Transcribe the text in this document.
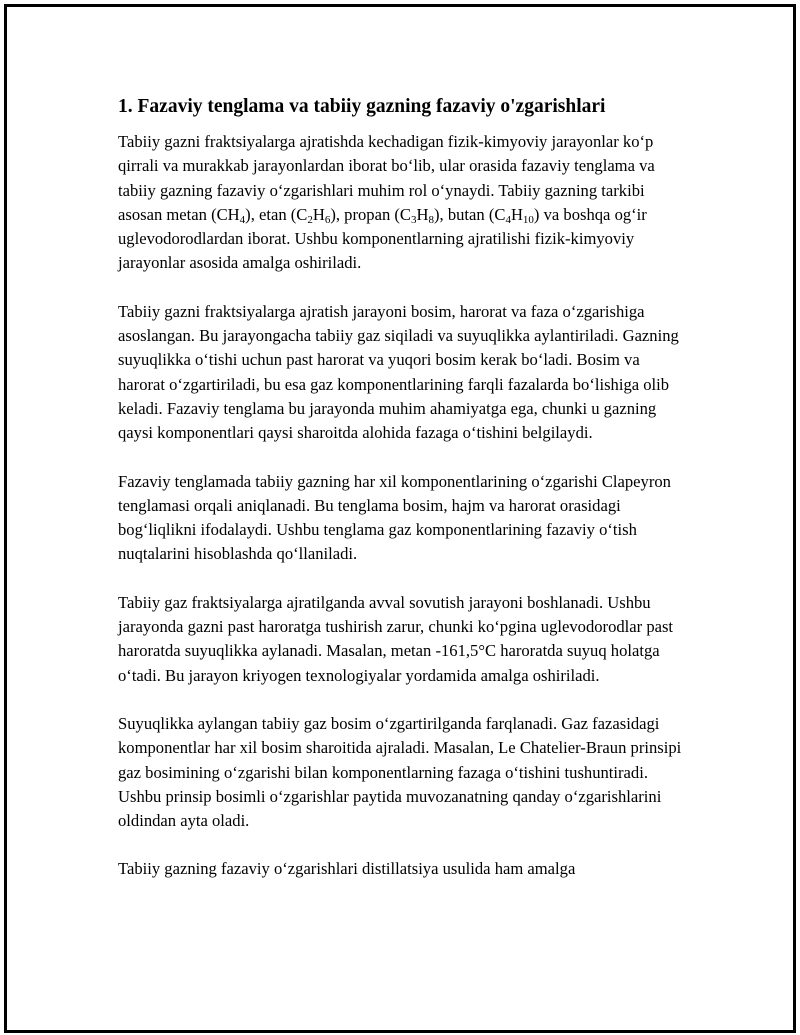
1. Fazaviy tenglama va tabiiy gazning fazaviy o'zgarishlari

Tabiiy gazni fraktsiyalarga ajratishda kechadigan fizik-kimyoviy jarayonlar ko‘p qirrali va murakkab jarayonlardan iborat bo‘lib, ular orasida fazaviy tenglama va tabiiy gazning fazaviy o‘zgarishlari muhim rol o‘ynaydi. Tabiiy gazning tarkibi asosan metan $(CH_4)$, etan $(C_2H_6)$, propan $(C_3H_8)$, butan $(C_4H_{10})$ va boshqa og‘ir uglevodorodlardan iborat. Ushbu komponentlarning ajratilishi fizik-kimyoviy jarayonlar asosida amalga oshiriladi.

Tabiiy gazni fraktsiyalarga ajratish jarayoni bosim, harorat va faza o‘zgarishiga asoslangan. Bu jarayongacha tabiiy gaz siqiladi va suyuqlikka aylantiriladi. Gazning suyuqlikka o‘tishi uchun past harorat va yuqori bosim kerak bo‘ladi. Bosim va harorat o‘zgartiriladi, bu esa gaz komponentlarining farqli fazalarda bo‘lishiga olib keladi. Fazaviy tenglama bu jarayonda muhim ahamiyatga ega, chunki u gazning qaysi komponentlari qaysi sharoitda alohida fazaga o‘tishini belgilaydi.

Fazaviy tenglamada tabiiy gazning har xil komponentlarining o‘zgarishi Clapeyron tenglamasi orqali aniqlanadi. Bu tenglama bosim, hajm va harorat orasidagi bog‘liqlikni ifodalaydi. Ushbu tenglama gaz komponentlarining fazaviy o‘tish nuqtalarini hisoblashda qo‘llaniladi.

Tabiiy gaz fraktsiyalarga ajratilganda avval sovutish jarayoni boshlanadi. Ushbu jarayonda gazni past haroratga tushirish zarur, chunki ko‘pgina uglevodorodlar past haroratda suyuqlikka aylanadi. Masalan, metan -161,5°C haroratda suyuq holatga o‘tadi. Bu jarayon kriyogen texnologiyalar yordamida amalga oshiriladi.

Suyuqlikka aylangan tabiiy gaz bosim o‘zgartirilganda farqlanadi. Gaz fazasidagi komponentlar har xil bosim sharoitida ajraladi. Masalan, Le Chatelier-Braun prinsipi gaz bosimining o‘zgarishi bilan komponentlarning fazaga o‘tishini tushuntiradi. Ushbu prinsip bosimli o‘zgarishlar paytida muvozanatning qanday o‘zgarishlarini oldindan ayta oladi.

Tabiiy gazning fazaviy o‘zgarishlari distillatsiya usulida ham amalga
